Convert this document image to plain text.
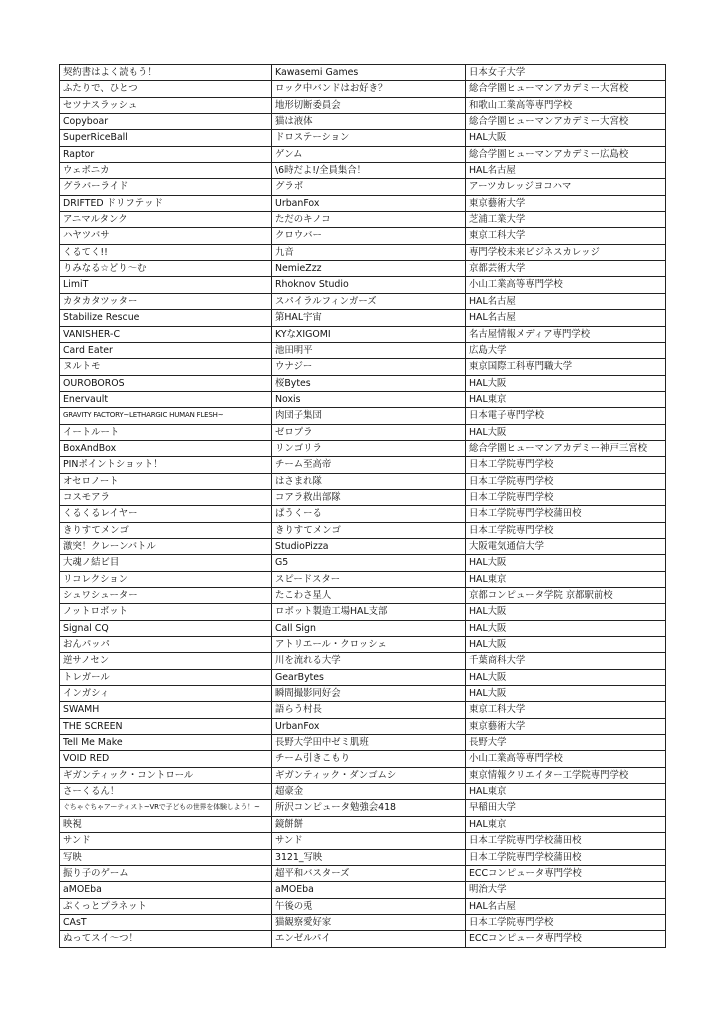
契約書はよく読もう！	Kawasemi Games	日本女子大学
ふたりで、ひとつ	ロック中バンドはお好き？	総合学園ヒューマンアカデミー大宮校
セツナスラッシュ	地形切断委員会	和歌山工業高等専門学校
Copyboar	猫は液体	総合学園ヒューマンアカデミー大宮校
SuperRiceBall	ドロステーション	HAL大阪
Raptor	ゲンム	総合学園ヒューマンアカデミー広島校
ウェボニカ	\6時だよ!/全員集合！	HAL名古屋
グラバーライド	グラボ	アーツカレッジヨコハマ
DRIFTED ドリフテッド	UrbanFox	東京藝術大学
アニマルタンク	ただのキノコ	芝浦工業大学
ハヤツバサ	クロウバー	東京工科大学
くるてく!!	九音	専門学校未来ビジネスカレッジ
りみなる☆どり～む	NemieZzz	京都芸術大学
LimiT	Rhoknov Studio	小山工業高等専門学校
カタカタツッター	スパイラルフィンガーズ	HAL名古屋
Stabilize Rescue	第HAL宇宙	HAL名古屋
VANISHER-C	KYなXIGOMI	名古屋情報メディア専門学校
Card Eater	池田明平	広島大学
ヌルトモ	ウナジー	東京国際工科専門職大学
OUROBOROS	桜Bytes	HAL大阪
Enervault	Noxis	HAL東京
GRAVITY FACTORY~LETHARGIC HUMAN FLESH~	肉団子集団	日本電子専門学校
イートルート	ゼロプラ	HAL大阪
BoxAndBox	リンゴリラ	総合学園ヒューマンアカデミー神戸三宮校
PINポイントショット！	チーム至高帝	日本工学院専門学校
オセロノート	はさまれ隊	日本工学院専門学校
コスモアラ	コアラ救出部隊	日本工学院専門学校
くるくるレイヤー	ぱうくーる	日本工学院専門学校蒲田校
きりすてメンゴ	きりすてメンゴ	日本工学院専門学校
激突！クレーンバトル	StudioPizza	大阪電気通信大学
大魂ノ結ビ目	G5	HAL大阪
リコレクション	スピードスター	HAL東京
シュワシューター	たこわさ星人	京都コンピュータ学院 京都駅前校
ノットロボット	ロボット製造工場HAL支部	HAL大阪
Signal CQ	Call Sign	HAL大阪
おんパッパ	アトリエール・クロッシェ	HAL大阪
逆サノセン	川を流れる大学	千葉商科大学
トレガール	GearBytes	HAL大阪
インガシィ	瞬間撮影同好会	HAL大阪
SWAMH	語らう村長	東京工科大学
THE SCREEN	UrbanFox	東京藝術大学
Tell Me Make	長野大学田中ゼミ肌班	長野大学
VOID RED	チーム引きこもり	小山工業高等専門学校
ギガンティック・コントロール	ギガンティック・ダンゴムシ	東京情報クリエイター工学院専門学校
さーくるん！	超豪金	HAL東京
ぐちゃぐちゃアーティスト~VRで子どもの世界を体験しよう！~	所沢コンピュータ勉強会418	早稲田大学
映視	鏡餅餅	HAL東京
サンド	サンド	日本工学院専門学校蒲田校
写映	3121_写映	日本工学院専門学校蒲田校
振り子のゲーム	超平和バスターズ	ECCコンピュータ専門学校
aMOEba	aMOEba	明治大学
ぷくっとプラネット	午後の兎	HAL名古屋
CAsT	猫観察愛好家	日本工学院専門学校
ぬってスイ～つ！	エンゼルパイ	ECCコンピュータ専門学校
